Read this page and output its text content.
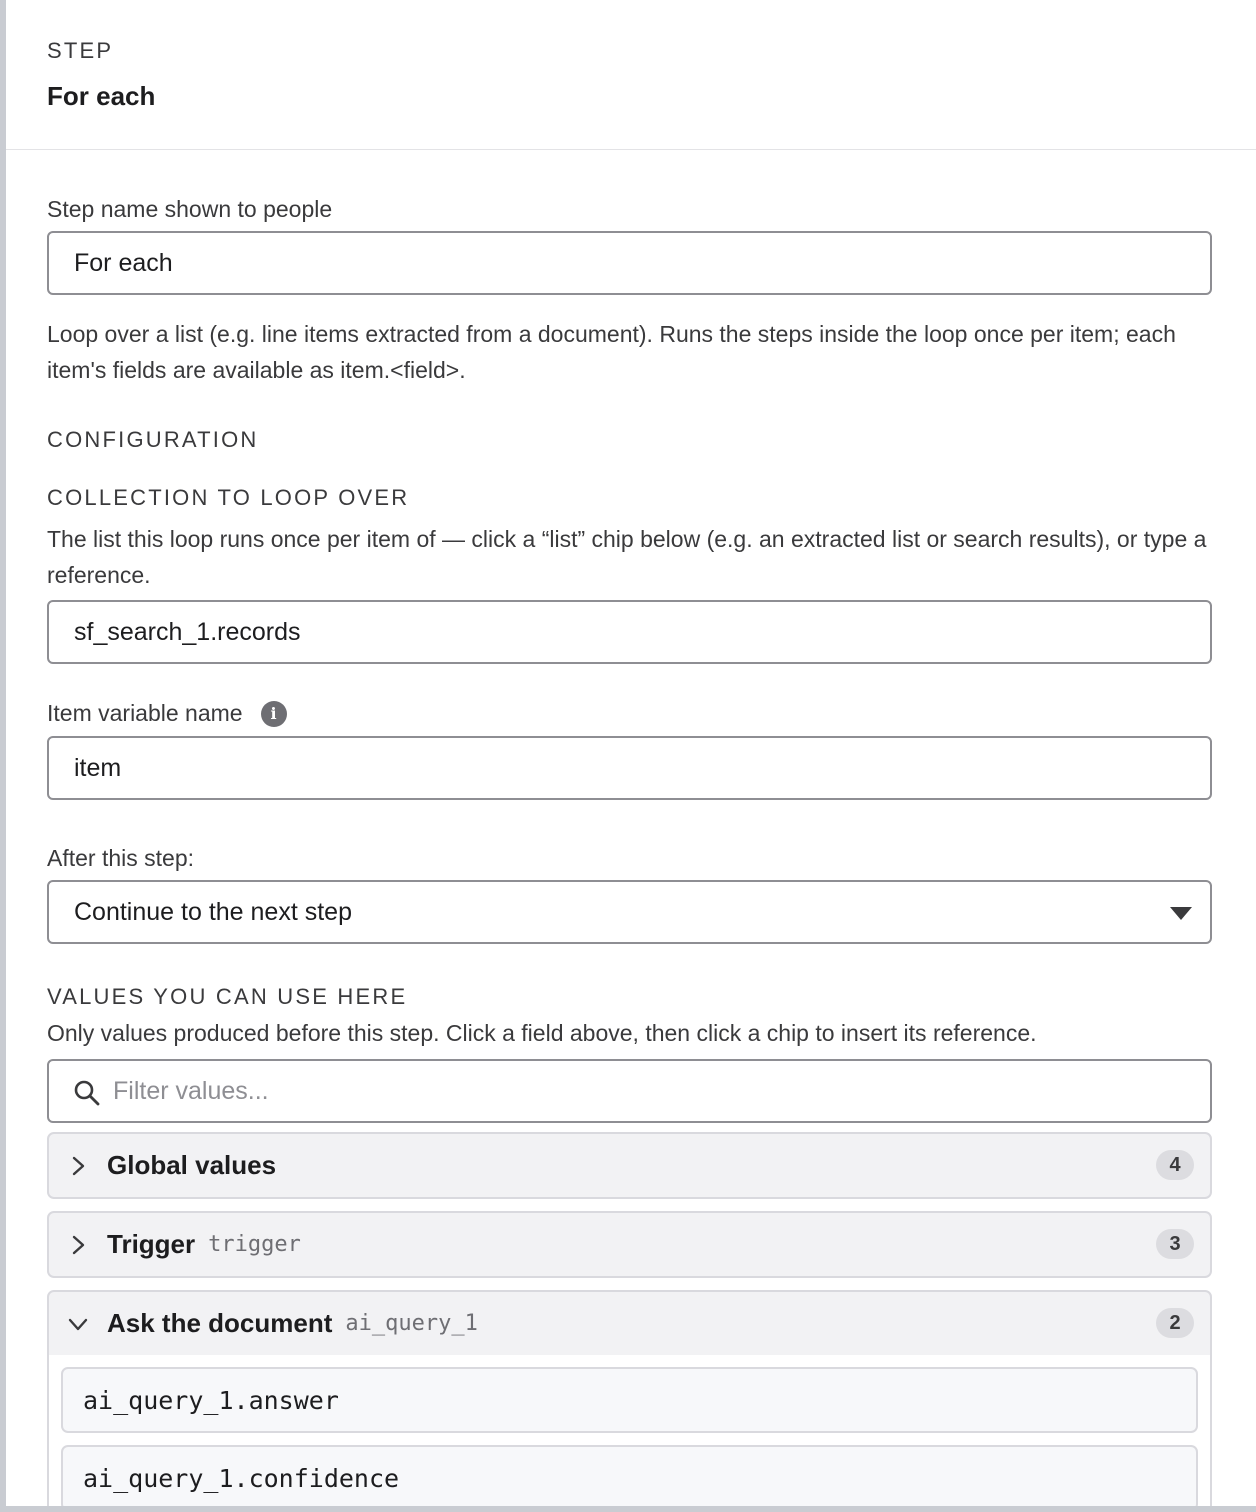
STEP
For each
Step name shown to people
For each
Loop over a list (e.g. line items extracted from a document). Runs the steps inside the loop once per item; each item's fields are available as item.<field>.
CONFIGURATION
COLLECTION TO LOOP OVER
The list this loop runs once per item of — click a “list” chip below (e.g. an extracted list or search results), or type a reference.
sf_search_1.records
Item variable name i
item
After this step:
Continue to the next step
VALUES YOU CAN USE HERE
Only values produced before this step. Click a field above, then click a chip to insert its reference.
Filter values...
Global values	4
Trigger trigger	3
Ask the document ai_query_1	2
ai_query_1.answer
ai_query_1.confidence
